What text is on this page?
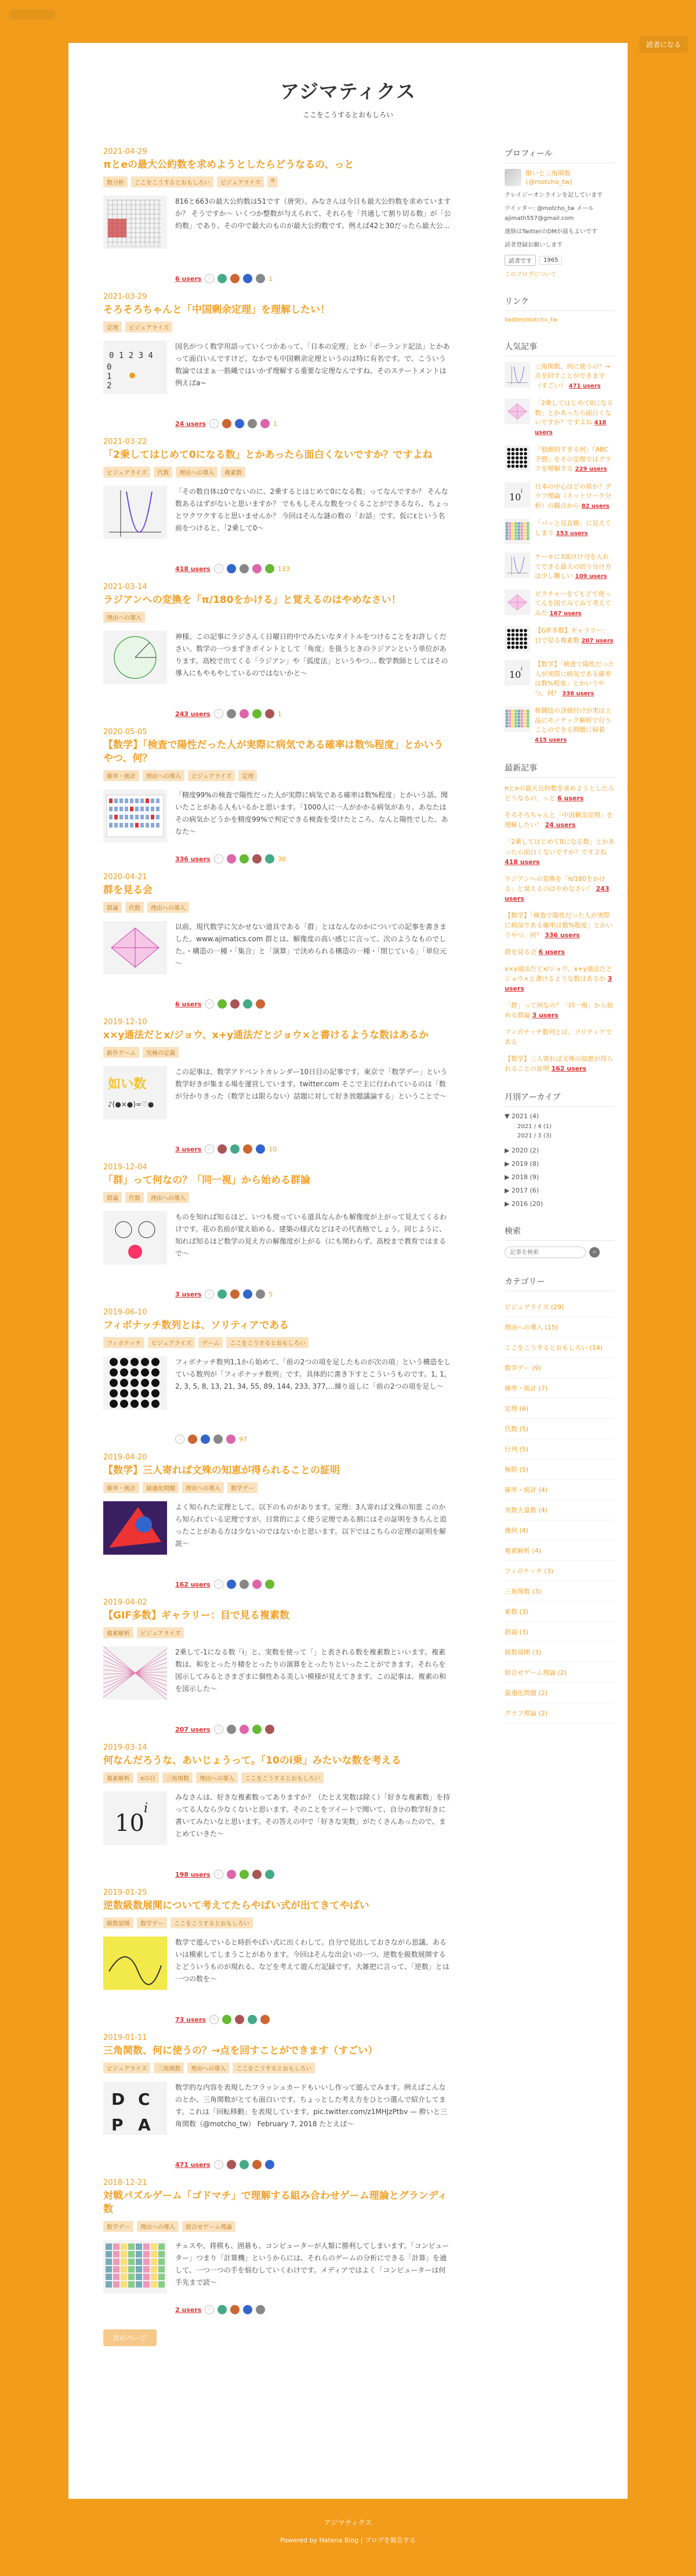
読者になる
アジマティクス

ここをこうするとおもしろい

2021-04-29
πとeの最大公約数を求めようとしたらどうなるの、っと
数分析	ここをこうするとおもしろい	ビジュアライズ	π

816と663の最大公約数は51です（唐突）。みなさんは今日も最大公約数を求めていますか？ そうですか～ いくつか整数が与えられて、それらを「共通して割り切る数」が「公約数」であり、その中で最大のものが最大公約数です。例えば42と30だったら最大公...

6 users ☆	1
2021-03-29
そろそろちゃんと「中国剰余定理」を理解したい！
定理	ビジュアライズ
0 1 2 3 4
0
1
2

国名がつく数学用語っていくつかあって、「日本の定理」とか「ポーランド記法」とかあって面白いんですけど、なかでも中国剰余定理というのは特に有名です。で、こういう数論ではまぁ一筋縄ではいかず理解する重要な定理なんですね。そのステートメントは例えばa~

24 users ☆	1
2021-03-22
「2乗してはじめて0になる数」とかあったら面白くないですか？ですよね
ビジュアライズ	代数	理由への導入	複素数

「その数自体は0でないのに、2乗するとはじめて0になる数」ってなんですか？ そんな数あるはずがないと思いますか？ でももしそんな数をつくることができるなら、ちょっとワクワクすると思いませんか？ 今回はそんな謎の数の「お話」です。仮にεという名前をつけると、「2乗して0～

418 users ☆	133
2021-03-14
ラジアンへの変換を「π/180をかける」と覚えるのはやめなさい！
理由への導入

神様。この記事にラジさんく日曜日的中でみたいなタイトルをつけることをお許しください。数学の一つまずきポイントとして「角度」を扱うときのラジアンという単位があります。高校で出てくる「ラジアン」や「弧度法」というやつ… 数学教師としてはその導入にもやもやしているのではないかと～

243 users ☆	1
2020-05-05
【数学】「検査で陽性だった人が実際に病気である確率は数%程度」とかいうやつ、何？
確率・統計	理由への導入	ビジュアライズ	定理

「精度99%の検査で陽性だった人が実際に病気である確率は数%程度」とかいう話、聞いたことがある人もいるかと思います。「1000人に一人がかかる病気があり、あなたはその病気かどうかを精度99%で判定できる検査を受けたところ、なんと陽性でした。あなた～

336 users ☆	30
2020-04-21
群を見る会
群論	代数	理由への導入

以前、現代数学に欠かせない道具である「群」とはなんなのかについての記事を書きました。www.ajimatics.com 群とは、解像度の高い感じに言って、次のようなものでした。・構造の一種・「集合」と「演算」で決められる構造の一種・「閉じている」「単位元～

6 users ☆
2019-12-10
x×y通法だとx/ジョウ、x+y通法だとジョウ×と書けるような数はあるか
新作ゲーム	究極の定義
如い数
♪(●×●)=♡●

この記事は、数学アドベントカレンダー10日目の記事です。東京で「数学デー」という数学好きが集まる場を運営しています。twitter.com そこで主に行われているのは「数が分かりきった（数学とは限らない）話題に対して好き放題議論する」ということで～

3 users ☆	10
2019-12-04
「群」って何なの？「同一視」から始める群論
群論	代数	理由への導入

ものを知れば知るほど、いつも使っている道具なんかも解像度が上がって見えてくるわけです。花の名前が覚え始める、建築の様式などはその代表格でしょう。同じように、知れば知るほど数学の見え方の解像度が上がる（にも関わらず、高校まで教育ではまるで～

3 users ☆	5
2019-06-10
フィボナッチ数列とは、ソリティアである
フィボナッチ	ビジュアライズ	ゲーム	ここをこうするとおもしろい

フィボナッチ数列1,1から始めて、「前の2つの項を足したものが次の項」という構造をしている数列が「フィボナッチ数列」です。具体的に書き下すとこういうものです。1, 1, 2, 3, 5, 8, 13, 21, 34, 55, 89, 144, 233, 377,...繰り返しに「前の2つの項を足し～

☆	97
2019-04-20
【数学】三人寄れば文殊の知恵が得られることの証明
確率・統計	最適化問題	理由への導入	数学デー

よく知られた定理として、以下のものがあります。定理：3人寄れば文殊の知恵 このから知られている定理ですが、日常的によく使う定理である割にはその証明をきちんと追ったことがある方は少ないのではないかと思います。以下ではこちらの定理の証明を解説～

162 users ☆
2019-04-02
【GIF多数】ギャラリー：目で見る複素数
複素解析	ビジュアライズ

2乗して-1になる数「i」と、実数を使って「」と表される数を複素数といいます。複素数は、和をとったり積をとったりの演算をとったりといったことができます。それらを図示してみるとさまざまに個性ある美しい模様が見えてきます。この記事は、複素の和を図示した～

207 users ☆
2019-03-14
何なんだろうな、あいじょうって。「10のi乗」みたいな数を考える
複素解析	πの日	三角関数	理由への導入	ここをこうするとおもしろい
10
i

みなさんは、好きな複素数ってありますか？（たとえ実数は除く）「好きな複素数」を持ってる人なら少なくないと思います。そのことをツイートで聞いて、自分の数学好きに書いてみたいなと思います。その答えの中で「好きな実数」がたくさんあったので、まとめていきた～

198 users ☆
2019-01-25
逆数級数展開について考えてたらやばい式が出てきてやばい
級数展開	数学デー	ここをこうするとおもしろい

数学で遊んでいると時折やばい式に出くわして。自分で見出しておさながら思議、あるいは模索してしまうことがあります。今回はそんな出会いの一つ、逆数を級数展開するとどういうものが現れる、などを考えて遊んだ記録です。大雑把に言って、「逆数」とは一つの数を～

73 users ☆
2019-01-11
三角関数、何に使うの？→点を回すことができます（すごい）
ビジュアライズ	三角関数	理由への導入	ここをこうするとおもしろい
D C
P A

数学的な内容を表現したフラッシュカードもいいし作って遊んでみます。例えばこんなのとか、三角関数がとても面白いです。ちょっとした考え方をひとつ選んで紹介してます。これは「回転移動」を表現しています。pic.twitter.com/z1MHJzPtbv — 酔いと三角関数（@motcho_tw） February 7, 2018 たとえば～

471 users ☆
2018-12-21
対戦パズルゲーム「ゴドマチ」で理解する組み合わせゲーム理論とグランディ数
数学デー	理由への導入	組合せゲーム理論

チェスや、将棋も、囲碁も、コンピューターが人類に勝利してしまいます。「コンピューター」つまり「計算機」というからには、それらのゲームの分析にできる「計算」を通して、一つ一つの手を悩むしていくわけです。メディアではよく「コンピューターは何手先まで読～

2 users ☆
次のページ
プロフィール
酔いと三角関数 (@motcho_tw)

クレイジーオンラインを記しています

ツイッター: @motcho_tw メール ajimath557@gmail.com

連絡はTwitterのDMが最もよいです

読者登録お願いします

読者です	1965
このブログについて
リンク
twitter/motcho_tw
人気記事
三角関数、何に使うの？→点を回すことができます（すごい） 471 users
「2乗してはじめて0になる数」とかあったら面白くないですか？ですよね 418 users
「独創的すぎる何」『ABC予想』をその定理ではグラフを理解する 229 users
10 i
日本の中心はどの県か？グラフ理論（ネットワーク分析）の観点から 82 users
「パッと見直線」に見えてしまう 153 users
ケーキに3部けけ刃を入れてできる最大の切り分け方は少し難しい 109 users
ピクチャーをてもどで使ってんを図でみてみて考えてみた 167 users
【GIF多数】ギャラリー：目で見る複素数 207 users
10 i
【数学】「検査で陽性だった人が実際に病気である確率は数%程度」とかいうやつ、何？ 336 users
格闘技の評価付けが実は上品にモノテック解析で行うことのできる問題に帰着 415 users
最新記事
πとeの最大公約数を求めようとしたらどうなるの、っと 6 users
そろそろちゃんと「中国剰余定理」を理解したい！ 24 users
「2乗してはじめて0になる数」とかあったら面白くないですか？ですよね 418 users
ラジアンへの変換を「π/180をかける」と覚えるのはやめなさい！ 243 users
【数学】「検査で陽性だった人が実際に病気である確率は数%程度」とかいうやつ、何？ 336 users
群を見る会 6 users
x×y通法だとx/ジョウ、x+y通法だとジョウ×と書けるような数はあるか 3 users
「群」って何なの？「同一視」から始める群論 3 users
フィボナッチ数列とは、ソリティアである
【数学】三人寄れば文殊の知恵が得られることの証明 162 users
月別アーカイブ
▼ 2021 (4)
2021 / 4 (1)
2021 / 3 (3)
▶ 2020 (2)
▶ 2019 (8)
▶ 2018 (9)
▶ 2017 (6)
▶ 2016 (20)
検索
記事を検索
⌕
カテゴリー
ビジュアライズ (29)
理由への導入 (15)
ここをこうするとおもしろい (14)
数学デー (9)
確率・統計 (7)
定理 (6)
代数 (5)
行列 (5)
極限 (5)
確率・統計 (4)
実数大量数 (4)
幾何 (4)
複素解析 (4)
フィボナッチ (3)
三角関数 (3)
素数 (3)
群論 (3)
級数展開 (3)
組合せゲーム理論 (2)
最適化問題 (2)
グラフ理論 (2)
アジマティクス
Powered by Hatena Blog | ブログを報告する
